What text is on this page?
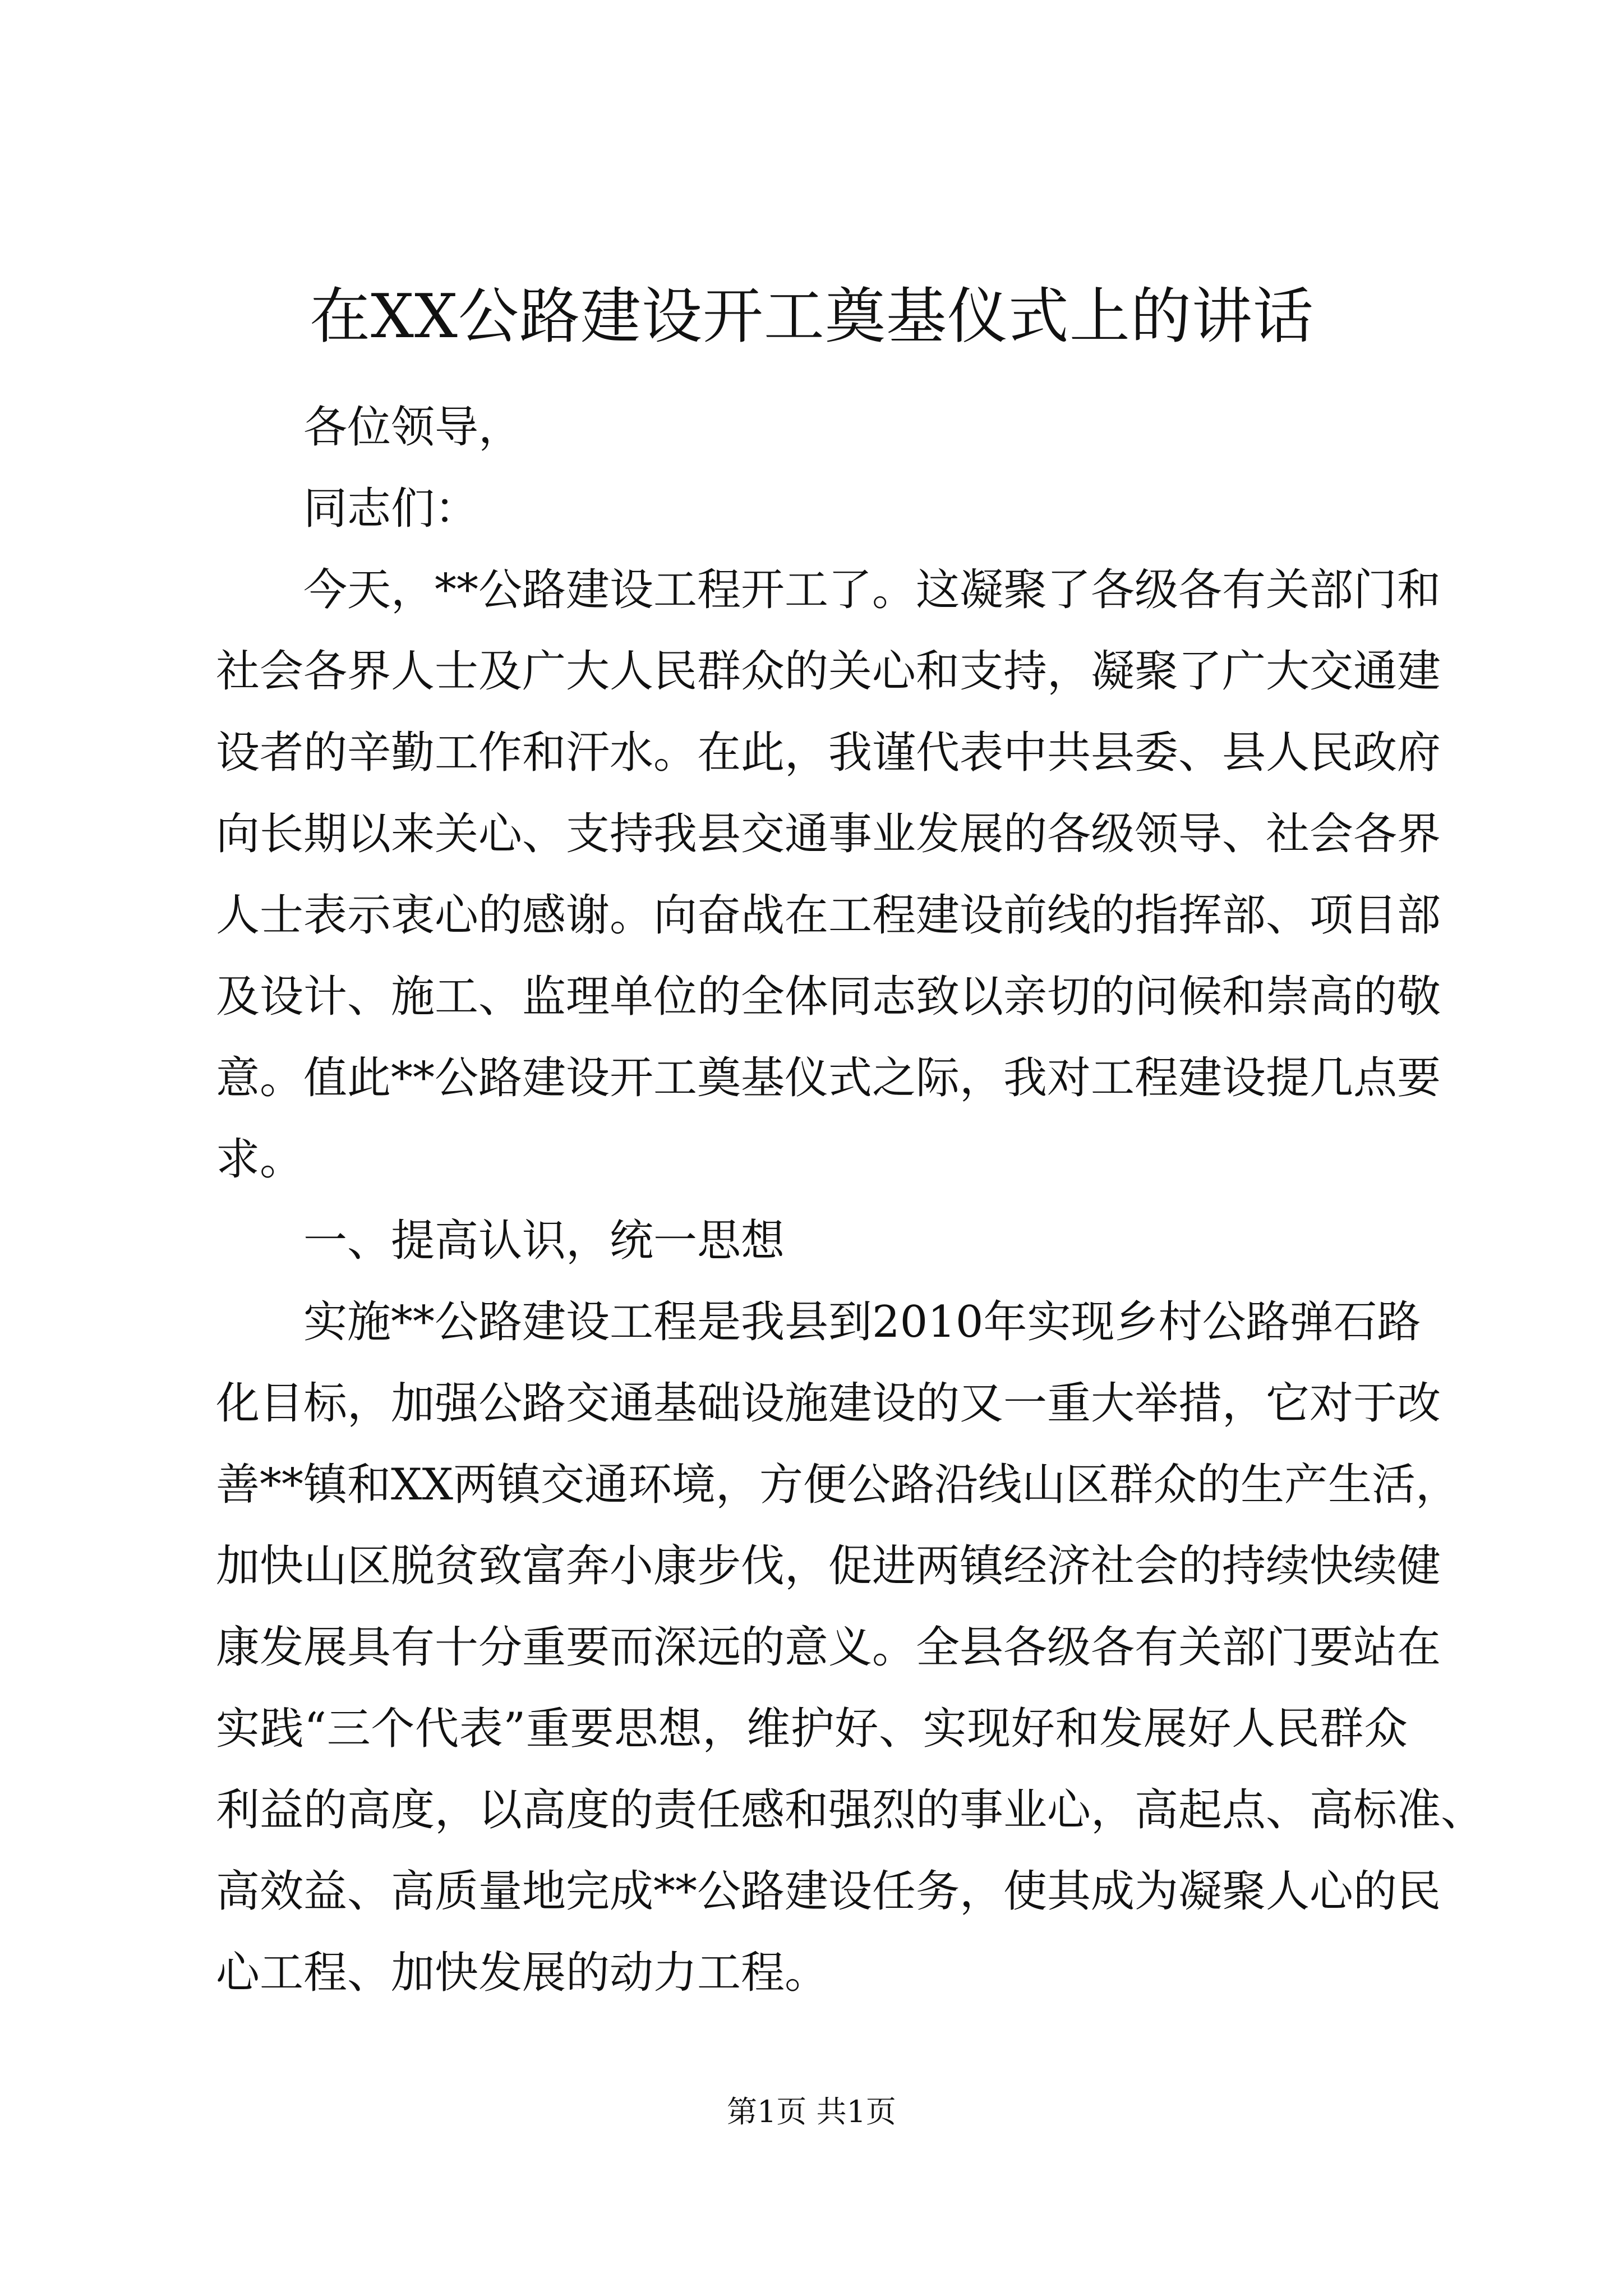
在XX公路建设开工奠基仪式上的讲话
各位领导，
同志们：
今天，**公路建设工程开工了。这凝聚了各级各有关部门和
社会各界人士及广大人民群众的关心和支持，凝聚了广大交通建
设者的辛勤工作和汗水。在此，我谨代表中共县委、县人民政府
向长期以来关心、支持我县交通事业发展的各级领导、社会各界
人士表示衷心的感谢。向奋战在工程建设前线的指挥部、项目部
及设计、施工、监理单位的全体同志致以亲切的问候和崇高的敬
意。值此**公路建设开工奠基仪式之际，我对工程建设提几点要
求。
一、提高认识，统一思想
实施**公路建设工程是我县到2010年实现乡村公路弹石路
化目标，加强公路交通基础设施建设的又一重大举措，它对于改
善**镇和XX两镇交通环境，方便公路沿线山区群众的生产生活，
加快山区脱贫致富奔小康步伐，促进两镇经济社会的持续快续健
康发展具有十分重要而深远的意义。全县各级各有关部门要站在
实践“三个代表”重要思想，维护好、实现好和发展好人民群众
利益的高度，以高度的责任感和强烈的事业心，高起点、高标准、
高效益、高质量地完成**公路建设任务，使其成为凝聚人心的民
心工程、加快发展的动力工程。
第1页 共1页
